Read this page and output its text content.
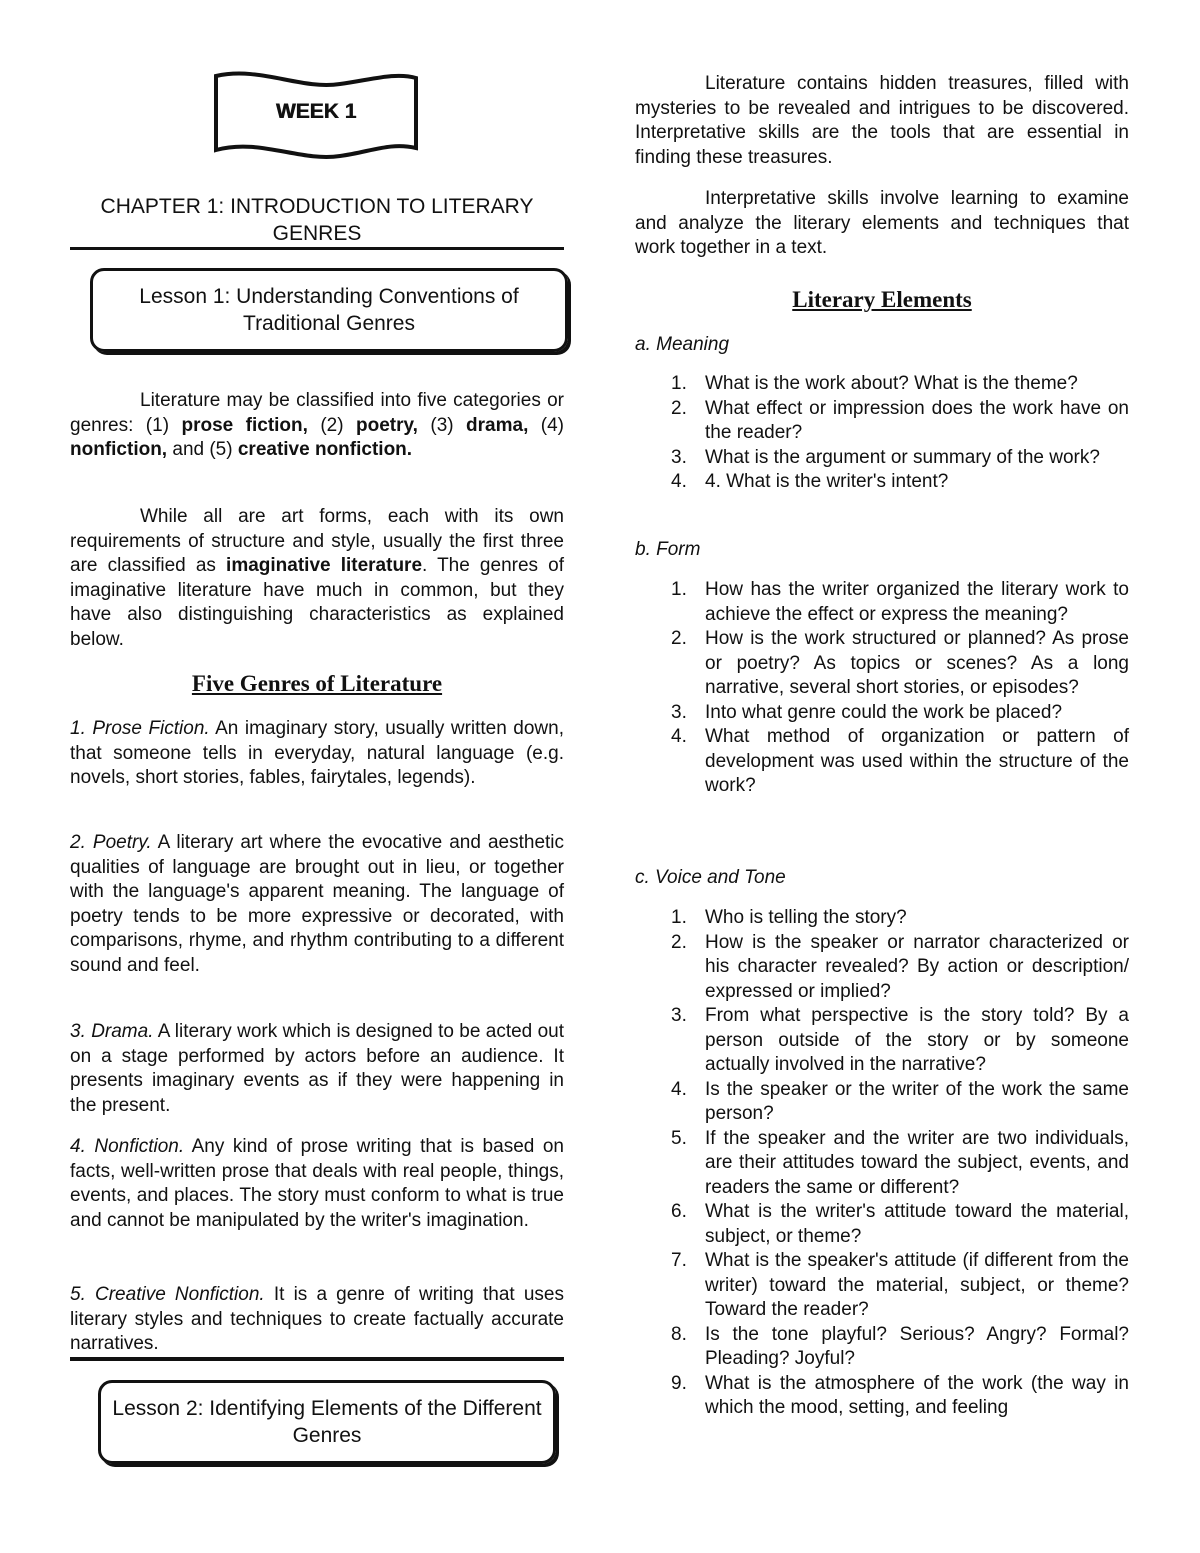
WEEK 1
CHAPTER 1: INTRODUCTION TO LITERARY GENRES
Lesson 1: Understanding Conventions of Traditional Genres

Literature may be classified into five categories or genres: (1) prose fiction, (2) poetry, (3) drama, (4) nonfiction, and (5) creative nonfiction.

While all are art forms, each with its own requirements of structure and style, usually the first three are classified as imaginative literature. The genres of imaginative literature have much in common, but they have also distinguishing characteristics as explained below.

Five Genres of Literature

1. Prose Fiction. An imaginary story, usually written down, that someone tells in everyday, natural language (e.g. novels, short stories, fables, fairytales, legends).

2. Poetry. A literary art where the evocative and aesthetic qualities of language are brought out in lieu, or together with the language's apparent meaning. The language of poetry tends to be more expressive or decorated, with comparisons, rhyme, and rhythm contributing to a different sound and feel.

3. Drama. A literary work which is designed to be acted out on a stage performed by actors before an audience. It presents imaginary events as if they were happening in the present.

4. Nonfiction. Any kind of prose writing that is based on facts, well-written prose that deals with real people, things, events, and places. The story must conform to what is true and cannot be manipulated by the writer's imagination.

5. Creative Nonfiction. It is a genre of writing that uses literary styles and techniques to create factually accurate narratives.

Lesson 2: Identifying Elements of the Different Genres

Literature contains hidden treasures, filled with mysteries to be revealed and intrigues to be discovered. Interpretative skills are the tools that are essential in finding these treasures.

Interpretative skills involve learning to examine and analyze the literary elements and techniques that work together in a text.

Literary Elements
a. Meaning
1. What is the work about? What is the theme?
2. What effect or impression does the work have on the reader?
3. What is the argument or summary of the work?
4. 4. What is the writer's intent?
b. Form
1. How has the writer organized the literary work to achieve the effect or express the meaning?
2. How is the work structured or planned? As prose or poetry? As topics or scenes? As a long narrative, several short stories, or episodes?
3. Into what genre could the work be placed?
4. What method of organization or pattern of development was used within the structure of the work?
c. Voice and Tone
1. Who is telling the story?
2. How is the speaker or narrator characterized or his character revealed? By action or description/ expressed or implied?
3. From what perspective is the story told? By a person outside of the story or by someone actually involved in the narrative?
4. Is the speaker or the writer of the work the same person?
5. If the speaker and the writer are two individuals, are their attitudes toward the subject, events, and readers the same or different?
6. What is the writer's attitude toward the material, subject, or theme?
7. What is the speaker's attitude (if different from the writer) toward the material, subject, or theme? Toward the reader?
8. Is the tone playful? Serious? Angry? Formal? Pleading? Joyful?
9. What is the atmosphere of the work (the way in which the mood, setting, and feeling
